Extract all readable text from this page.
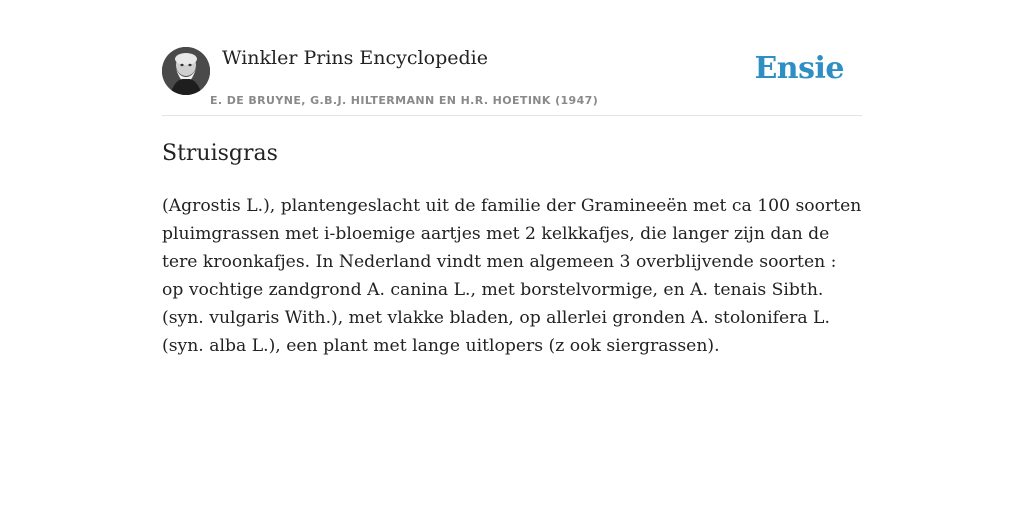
Winkler Prins Encyclopedie
E. DE BRUYNE, G.B.J. HILTERMANN EN H.R. HOETINK (1947)
Ensie
Struisgras

(Agrostis L.), plantengeslacht uit de familie der Gramineeën met ca 100 soorten pluimgrassen met i-bloemige aartjes met 2 kelkkafjes, die langer zijn dan de tere kroonkafjes. In Nederland vindt men algemeen 3 overblijvende soorten : op vochtige zandgrond A. canina L., met borstelvormige, en A. tenais Sibth. (syn. vulgaris With.), met vlakke bladen, op allerlei gronden A. stolonifera L. (syn. alba L.), een plant met lange uitlopers (z ook siergrassen).
